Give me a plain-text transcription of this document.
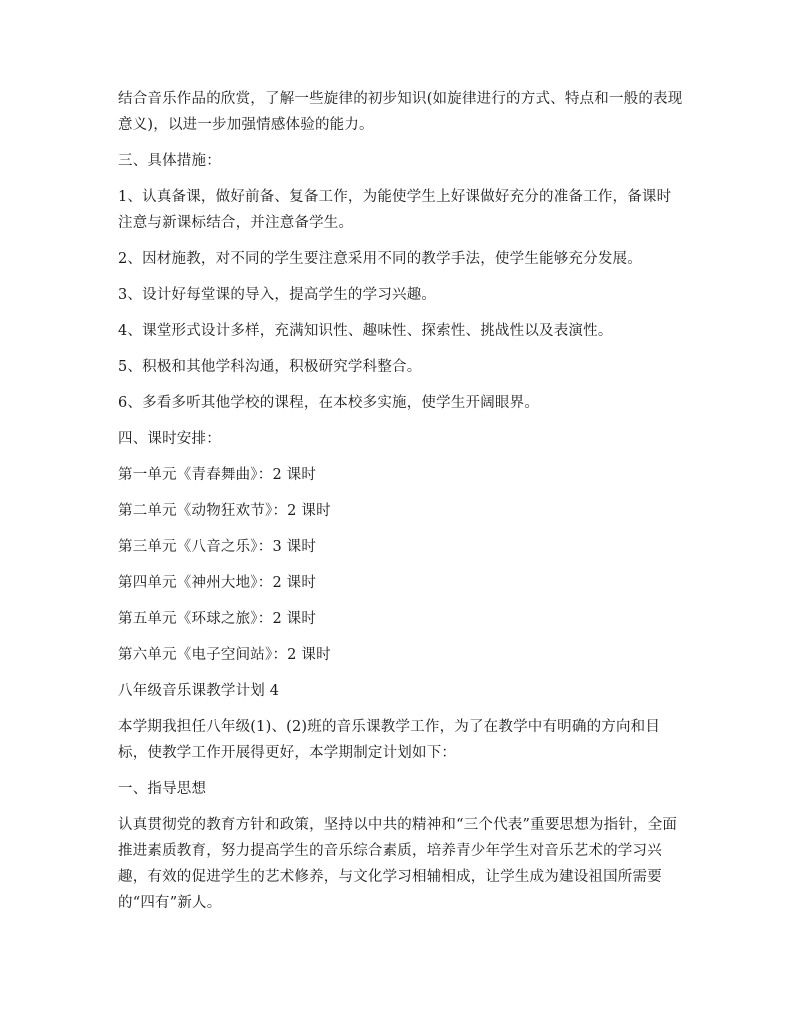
结合音乐作品的欣赏，了解一些旋律的初步知识(如旋律进行的方式、特点和一般的表现意义)，以进一步加强情感体验的能力。

三、具体措施：

1、认真备课，做好前备、复备工作，为能使学生上好课做好充分的准备工作，备课时注意与新课标结合，并注意备学生。

2、因材施教，对不同的学生要注意采用不同的教学手法，使学生能够充分发展。

3、设计好每堂课的导入，提高学生的学习兴趣。

4、课堂形式设计多样，充满知识性、趣味性、探索性、挑战性以及表演性。

5、积极和其他学科沟通，积极研究学科整合。

6、多看多听其他学校的课程，在本校多实施，使学生开阔眼界。

四、课时安排：

第一单元《青春舞曲》：2 课时

第二单元《动物狂欢节》：2 课时

第三单元《八音之乐》：3 课时

第四单元《神州大地》：2 课时

第五单元《环球之旅》：2 课时

第六单元《电子空间站》：2 课时

八年级音乐课教学计划 4

本学期我担任八年级(1)、(2)班的音乐课教学工作，为了在教学中有明确的方向和目标，使教学工作开展得更好，本学期制定计划如下：

一、指导思想

认真贯彻党的教育方针和政策，坚持以中共的精神和“三个代表”重要思想为指针，全面推进素质教育，努力提高学生的音乐综合素质，培养青少年学生对音乐艺术的学习兴趣，有效的促进学生的艺术修养，与文化学习相辅相成，让学生成为建设祖国所需要的“四有”新人。
